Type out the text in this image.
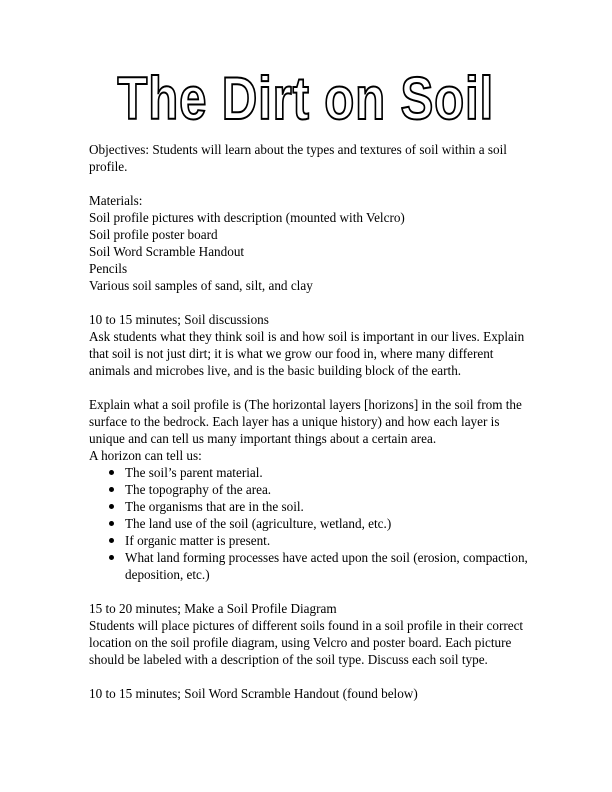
The Dirt on Soil

Objectives: Students will learn about the types and textures of soil within a soil profile.

Materials:

Soil profile pictures with description (mounted with Velcro)

Soil profile poster board

Soil Word Scramble Handout

Pencils

Various soil samples of sand, silt, and clay

10 to 15 minutes; Soil discussions

Ask students what they think soil is and how soil is important in our lives. Explain that soil is not just dirt; it is what we grow our food in, where many different animals and microbes live, and is the basic building block of the earth.

Explain what a soil profile is (The horizontal layers [horizons] in the soil from the surface to the bedrock. Each layer has a unique history) and how each layer is unique and can tell us many important things about a certain area.

A horizon can tell us:

The soil’s parent material.
The topography of the area.
The organisms that are in the soil.
The land use of the soil (agriculture, wetland, etc.)
If organic matter is present.
What land forming processes have acted upon the soil (erosion, compaction, deposition, etc.)

15 to 20 minutes; Make a Soil Profile Diagram

Students will place pictures of different soils found in a soil profile in their correct location on the soil profile diagram, using Velcro and poster board. Each picture should be labeled with a description of the soil type. Discuss each soil type.

10 to 15 minutes; Soil Word Scramble Handout (found below)
